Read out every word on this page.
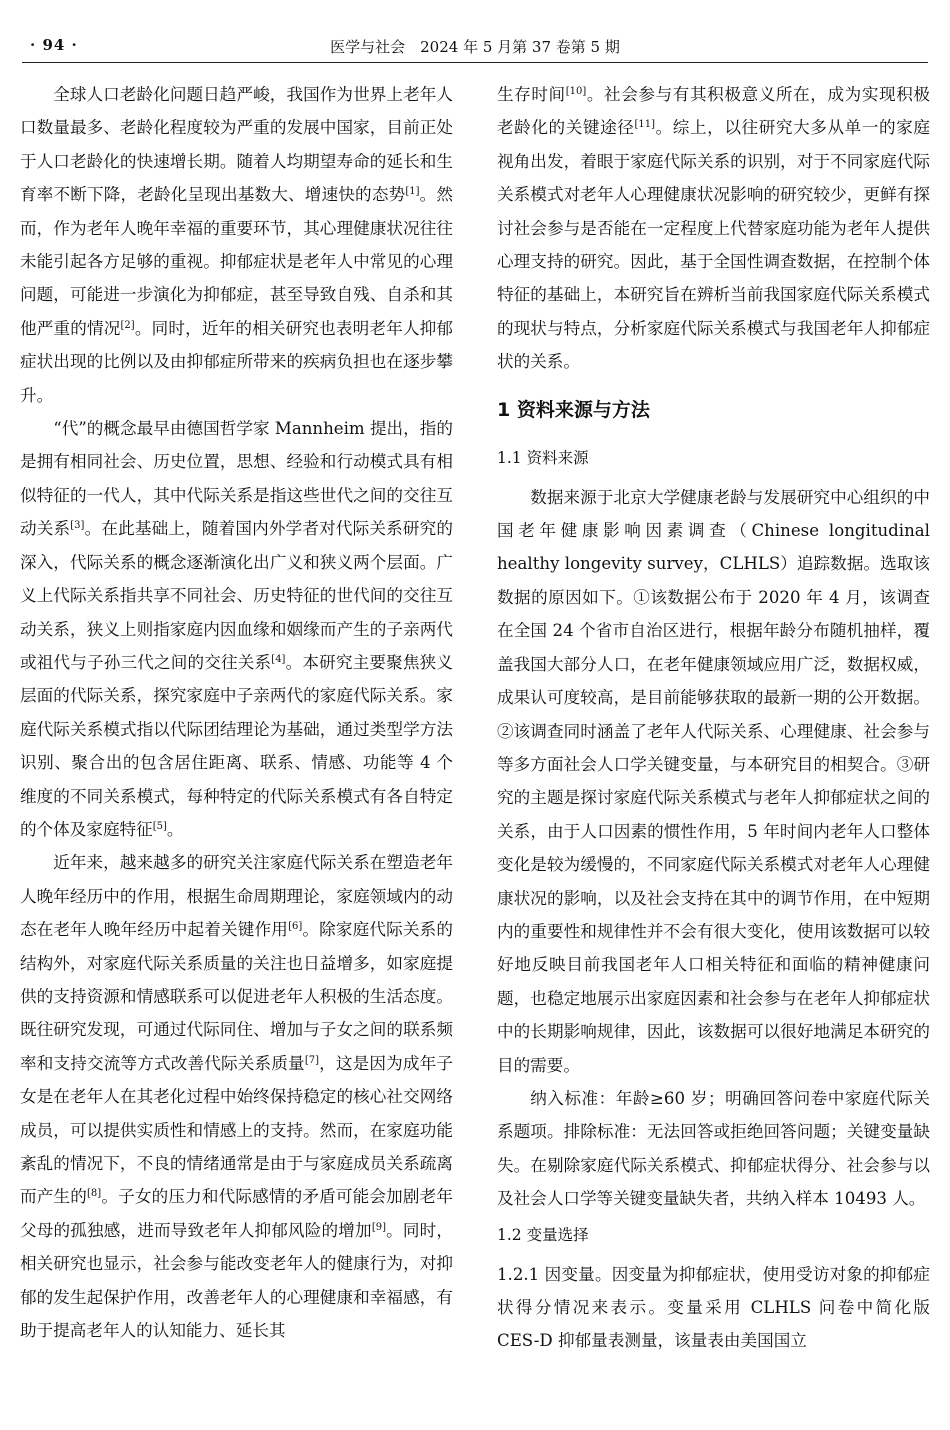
· 94 ·	医学与社会　2024 年 5 月第 37 卷第 5 期

全球人口老龄化问题日趋严峻，我国作为世界上老年人口数量最多、老龄化程度较为严重的发展中国家，目前正处于人口老龄化的快速增长期。随着人均期望寿命的延长和生育率不断下降，老龄化呈现出基数大、增速快的态势[1]。然而，作为老年人晚年幸福的重要环节，其心理健康状况往往未能引起各方足够的重视。抑郁症状是老年人中常见的心理问题，可能进一步演化为抑郁症，甚至导致自残、自杀和其他严重的情况[2]。同时，近年的相关研究也表明老年人抑郁症状出现的比例以及由抑郁症所带来的疾病负担也在逐步攀升。

“代”的概念最早由德国哲学家 Mannheim 提出，指的是拥有相同社会、历史位置，思想、经验和行动模式具有相似特征的一代人，其中代际关系是指这些世代之间的交往互动关系[3]。在此基础上，随着国内外学者对代际关系研究的深入，代际关系的概念逐渐演化出广义和狭义两个层面。广义上代际关系指共享不同社会、历史特征的世代间的交往互动关系，狭义上则指家庭内因血缘和姻缘而产生的子亲两代或祖代与子孙三代之间的交往关系[4]。本研究主要聚焦狭义层面的代际关系，探究家庭中子亲两代的家庭代际关系。家庭代际关系模式指以代际团结理论为基础，通过类型学方法识别、聚合出的包含居住距离、联系、情感、功能等 4 个维度的不同关系模式，每种特定的代际关系模式有各自特定的个体及家庭特征[5]。

近年来，越来越多的研究关注家庭代际关系在塑造老年人晚年经历中的作用，根据生命周期理论，家庭领域内的动态在老年人晚年经历中起着关键作用[6]。除家庭代际关系的结构外，对家庭代际关系质量的关注也日益增多，如家庭提供的支持资源和情感联系可以促进老年人积极的生活态度。既往研究发现，可通过代际同住、增加与子女之间的联系频率和支持交流等方式改善代际关系质量[7]，这是因为成年子女是在老年人在其老化过程中始终保持稳定的核心社交网络成员，可以提供实质性和情感上的支持。然而，在家庭功能紊乱的情况下，不良的情绪通常是由于与家庭成员关系疏离而产生的[8]。子女的压力和代际感情的矛盾可能会加剧老年父母的孤独感，进而导致老年人抑郁风险的增加[9]。同时，相关研究也显示，社会参与能改变老年人的健康行为，对抑郁的发生起保护作用，改善老年人的心理健康和幸福感，有助于提高老年人的认知能力、延长其

生存时间[10]。社会参与有其积极意义所在，成为实现积极老龄化的关键途径[11]。综上，以往研究大多从单一的家庭视角出发，着眼于家庭代际关系的识别，对于不同家庭代际关系模式对老年人心理健康状况影响的研究较少，更鲜有探讨社会参与是否能在一定程度上代替家庭功能为老年人提供心理支持的研究。因此，基于全国性调查数据，在控制个体特征的基础上，本研究旨在辨析当前我国家庭代际关系模式的现状与特点，分析家庭代际关系模式与我国老年人抑郁症状的关系。

1 资料来源与方法
1.1 资料来源

数据来源于北京大学健康老龄与发展研究中心组织的中国老年健康影响因素调查（Chinese longitudinal healthy longevity survey，CLHLS）追踪数据。选取该数据的原因如下。①该数据公布于 2020 年 4 月，该调查在全国 24 个省市自治区进行，根据年龄分布随机抽样，覆盖我国大部分人口，在老年健康领域应用广泛，数据权威，成果认可度较高，是目前能够获取的最新一期的公开数据。②该调查同时涵盖了老年人代际关系、心理健康、社会参与等多方面社会人口学关键变量，与本研究目的相契合。③研究的主题是探讨家庭代际关系模式与老年人抑郁症状之间的关系，由于人口因素的惯性作用，5 年时间内老年人口整体变化是较为缓慢的，不同家庭代际关系模式对老年人心理健康状况的影响，以及社会支持在其中的调节作用，在中短期内的重要性和规律性并不会有很大变化，使用该数据可以较好地反映目前我国老年人口相关特征和面临的精神健康问题，也稳定地展示出家庭因素和社会参与在老年人抑郁症状中的长期影响规律，因此，该数据可以很好地满足本研究的目的需要。

纳入标准：年龄≥60 岁；明确回答问卷中家庭代际关系题项。排除标准：无法回答或拒绝回答问题；关键变量缺失。在剔除家庭代际关系模式、抑郁症状得分、社会参与以及社会人口学等关键变量缺失者，共纳入样本 10493 人。

1.2 变量选择

1.2.1 因变量。因变量为抑郁症状，使用受访对象的抑郁症状得分情况来表示。变量采用 CLHLS 问卷中简化版 CES-D 抑郁量表测量，该量表由美国国立
